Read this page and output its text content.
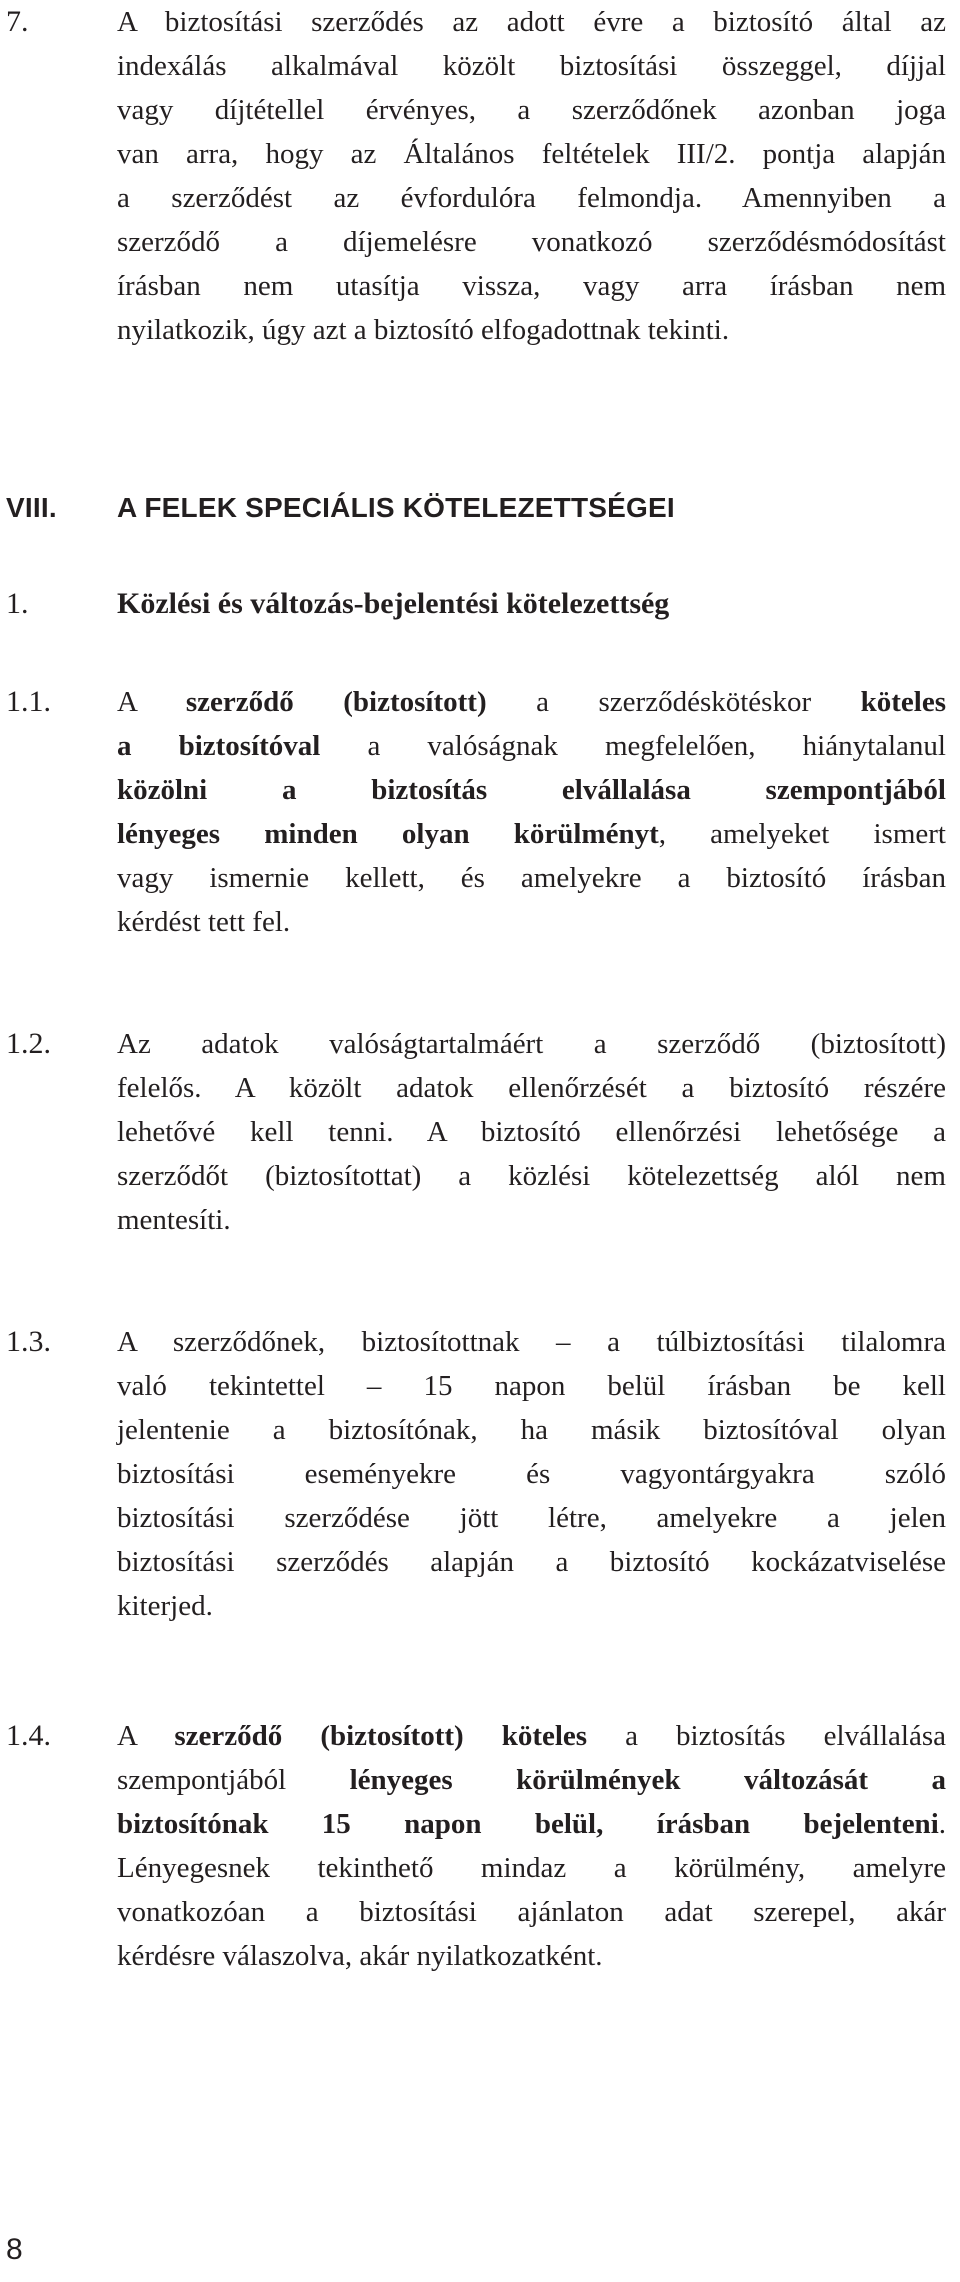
7.	A biztosítási szerződés az adott évre a biztosító által az
indexálás alkalmával közölt biztosítási összeggel, díjjal
vagy díjtétellel érvényes, a szerződőnek azonban joga
van arra, hogy az Általános feltételek III/2. pontja alapján
a szerződést az évfordulóra felmondja. Amennyiben a
szerződő a díjemelésre vonatkozó szerződésmódosítást
írásban nem utasítja vissza, vagy arra írásban nem
nyilatkozik, úgy azt a biztosító elfogadottnak tekinti.
VIII. A FELEK SPECIÁLIS KÖTELEZETTSÉGEI
1.	Közlési és változás-bejelentési kötelezettség
1.1. A szerződő (biztosított) a szerződéskötéskor köteles
a biztosítóval a valóságnak megfelelően, hiánytalanul
közölni a biztosítás elvállalása szempontjából
lényeges minden olyan körülményt, amelyeket ismert
vagy ismernie kellett, és amelyekre a biztosító írásban
kérdést tett fel.
1.2. Az adatok valóságtartalmáért a szerződő (biztosított)
felelős. A közölt adatok ellenőrzését a biztosító részére
lehetővé kell tenni. A biztosító ellenőrzési lehetősége a
szerződőt (biztosítottat) a közlési kötelezettség alól nem
mentesíti.
1.3. A szerződőnek, biztosítottnak – a túlbiztosítási tilalomra
való tekintettel – 15 napon belül írásban be kell
jelentenie a biztosítónak, ha másik biztosítóval olyan
biztosítási eseményekre és vagyontárgyakra szóló
biztosítási szerződése jött létre, amelyekre a jelen
biztosítási szerződés alapján a biztosító kockázatviselése
kiterjed.
1.4. A szerződő (biztosított) köteles a biztosítás elvállalása
szempontjából lényeges körülmények változását a
biztosítónak 15 napon belül, írásban bejelenteni.
Lényegesnek tekinthető mindaz a körülmény, amelyre
vonatkozóan a biztosítási ajánlaton adat szerepel, akár
kérdésre válaszolva, akár nyilatkozatként.
8
